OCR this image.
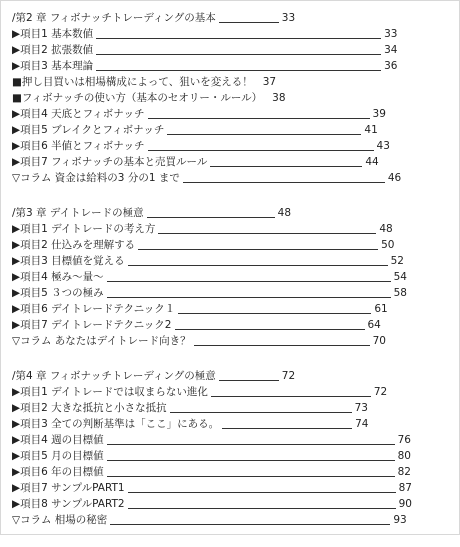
/第2 章 フィボナッチトレーディングの基本	33
▶項目1 基本数値	33
▶項目2 拡張数値	34
▶項目3 基本理論	36
■押し目買いは相場構成によって、狙いを変える！ 37
■フィボナッチの使い方（基本のセオリー・ルール） 38
▶項目4 天底とフィボナッチ	39
▶項目5 ブレイクとフィボナッチ	41
▶項目6 半値とフィボナッチ	43
▶項目7 フィボナッチの基本と売買ルール	44
▽コラム 資金は給料の3 分の1 まで	46
/第3 章 デイトレードの極意	48
▶項目1 デイトレードの考え方	48
▶項目2 仕込みを理解する	50
▶項目3 目標値を覚える	52
▶項目4 極み～量～	54
▶項目5 ３つの極み	58
▶項目6 デイトレードテクニック１	61
▶項目7 デイトレードテクニック2	64
▽コラム あなたはデイトレード向き？	70
/第4 章 フィボナッチトレーディングの極意	72
▶項目1 デイトレードでは収まらない進化	72
▶項目2 大きな抵抗と小さな抵抗	73
▶項目3 全ての判断基準は「ここ」にある。	74
▶項目4 週の目標値	76
▶項目5 月の目標値	80
▶項目6 年の目標値	82
▶項目7 サンプルPART1	87
▶項目8 サンプルPART2	90
▽コラム 相場の秘密	93
